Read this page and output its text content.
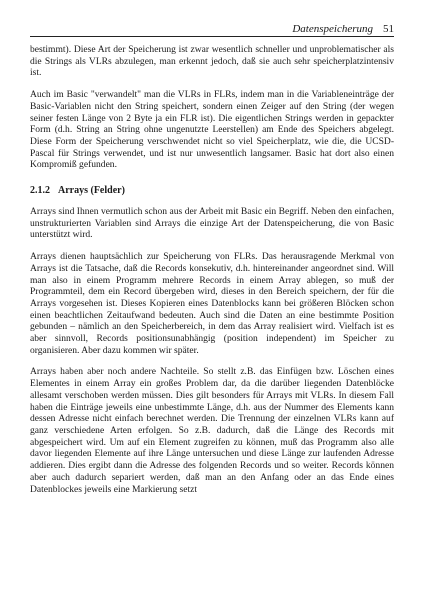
Datenspeicherung 51

bestimmt). Diese Art der Speicherung ist zwar wesentlich schneller und unproblematischer als die Strings als VLRs abzulegen, man erkennt jedoch, daß sie auch sehr speicherplatzintensiv ist.

Auch im Basic "verwandelt" man die VLRs in FLRs, indem man in die Variableneinträge der Basic-Variablen nicht den String speichert, sondern einen Zeiger auf den String (der wegen seiner festen Länge von 2 Byte ja ein FLR ist). Die eigentlichen Strings werden in gepackter Form (d.h. String an String ohne ungenutzte Leerstellen) am Ende des Speichers abgelegt. Diese Form der Speicherung verschwendet nicht so viel Speicherplatz, wie die, die UCSD-Pascal für Strings verwendet, und ist nur unwesentlich langsamer. Basic hat dort also einen Kompromiß gefunden.

2.1.2 Arrays (Felder)

Arrays sind Ihnen vermutlich schon aus der Arbeit mit Basic ein Begriff. Neben den einfachen, unstrukturierten Variablen sind Arrays die einzige Art der Datenspeicherung, die von Basic unterstützt wird.

Arrays dienen hauptsächlich zur Speicherung von FLRs. Das herausragende Merkmal von Arrays ist die Tatsache, daß die Records konsekutiv, d.h. hintereinander angeordnet sind. Will man also in einem Programm mehrere Records in einem Array ablegen, so muß der Programmteil, dem ein Record übergeben wird, dieses in den Bereich speichern, der für die Arrays vorgesehen ist. Dieses Kopieren eines Datenblocks kann bei größeren Blöcken schon einen beachtlichen Zeitaufwand bedeuten. Auch sind die Daten an eine bestimmte Position gebunden – nämlich an den Speicherbereich, in dem das Array realisiert wird. Vielfach ist es aber sinnvoll, Records positionsunabhängig (position independent) im Speicher zu organisieren. Aber dazu kommen wir später.

Arrays haben aber noch andere Nachteile. So stellt z.B. das Einfügen bzw. Löschen eines Elementes in einem Array ein großes Problem dar, da die darüber liegenden Datenblöcke allesamt verschoben werden müssen. Dies gilt besonders für Arrays mit VLRs. In diesem Fall haben die Einträge jeweils eine unbestimmte Länge, d.h. aus der Nummer des Elements kann dessen Adresse nicht einfach berechnet werden. Die Trennung der einzelnen VLRs kann auf ganz verschiedene Arten erfolgen. So z.B. dadurch, daß die Länge des Records mit abgespeichert wird. Um auf ein Element zugreifen zu können, muß das Programm also alle davor liegenden Elemente auf ihre Länge untersuchen und diese Länge zur laufenden Adresse addieren. Dies ergibt dann die Adresse des folgenden Records und so weiter. Records können aber auch dadurch separiert werden, daß man an den Anfang oder an das Ende eines Datenblockes jeweils eine Markierung setzt
